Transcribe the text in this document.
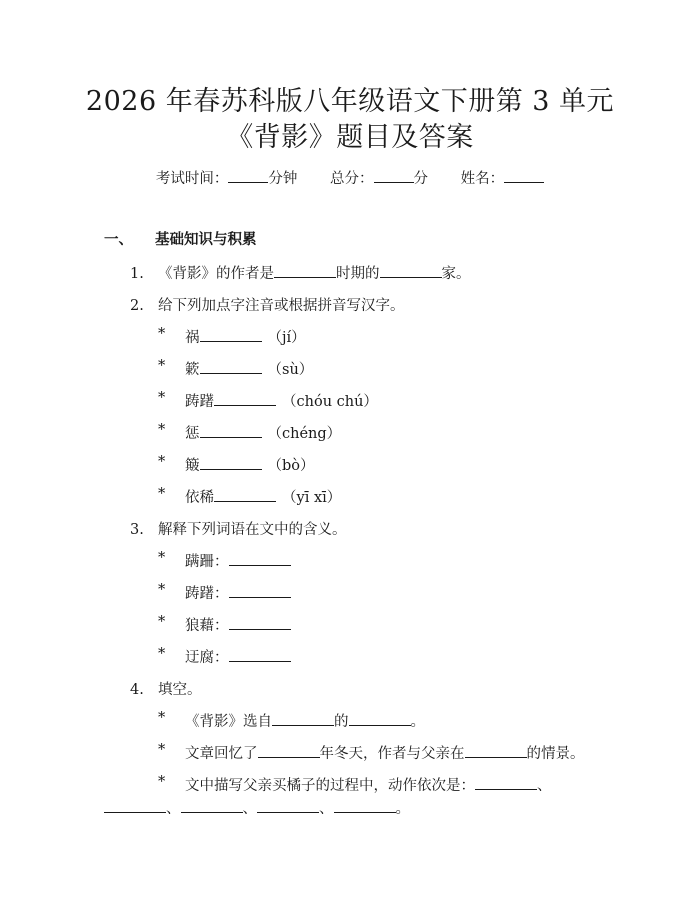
2026 年春苏科版八年级语文下册第 3 单元
《背影》题目及答案
考试时间：	分钟 总分：	分 姓名：
一、 基础知识与积累
1. 《背影》的作者是	时期的	家。
2. 给下列加点字注音或根据拼音写汉字。
* 祸	（jí）
* 簌	（sù）
* 踌躇	（chóu chú）
* 惩	（chéng）
* 簸	（bò）
* 依稀	（yī xī）
3. 解释下列词语在文中的含义。
* 蹒跚：
* 踌躇：
* 狼藉：
* 迂腐：
4. 填空。
* 《背影》选自	的	。
* 文章回忆了	年冬天，作者与父亲在	的情景。
* 文中描写父亲买橘子的过程中，动作依次是：	、
、	、	、	。
